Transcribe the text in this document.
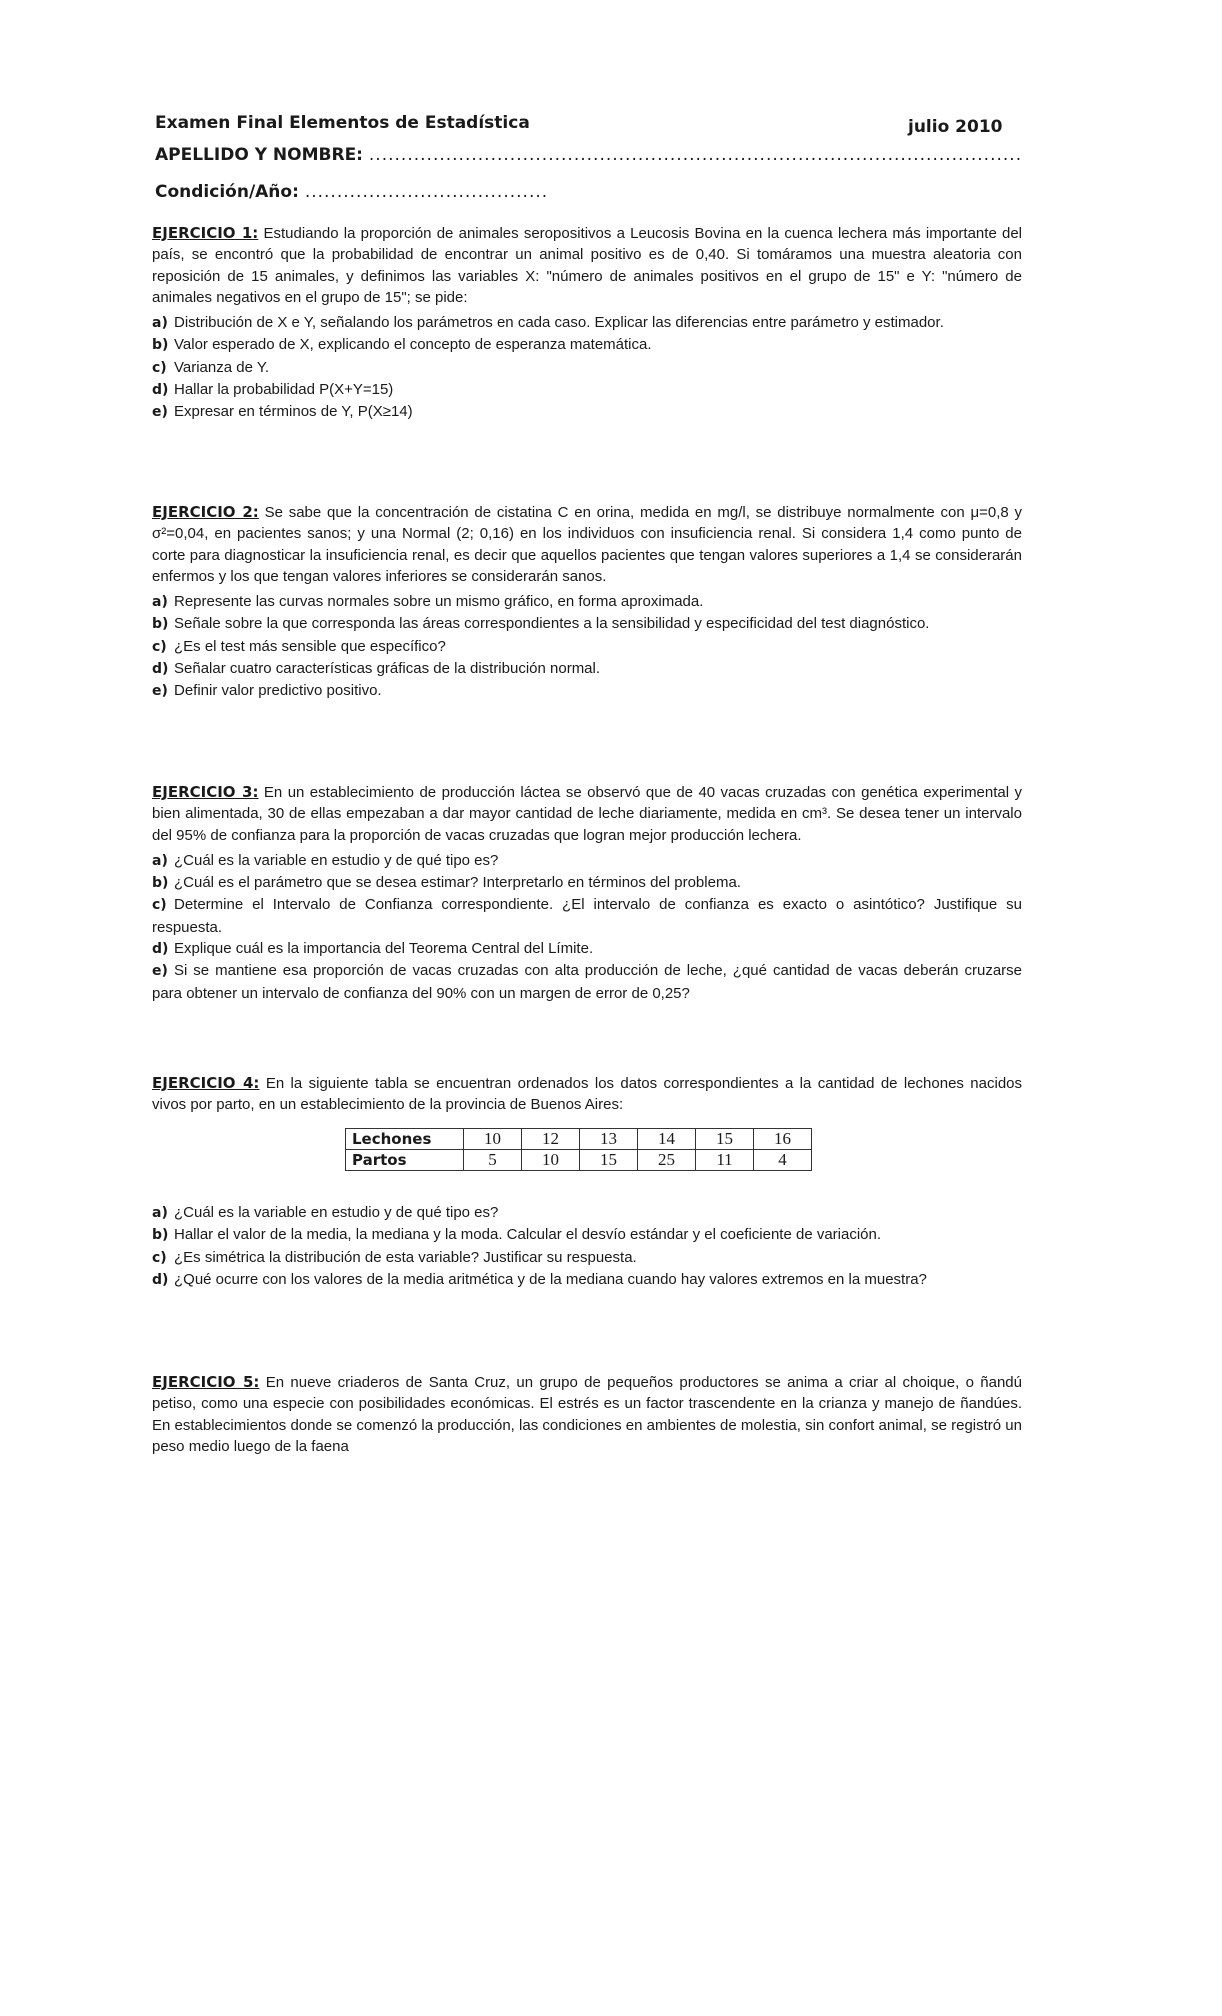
Examen Final Elementos de Estadística	julio 2010
APELLIDO Y NOMBRE: ......................................................................................................
Condición/Año: ......................................

EJERCICIO 1: Estudiando la proporción de animales seropositivos a Leucosis Bovina en la cuenca lechera más importante del país, se encontró que la probabilidad de encontrar un animal positivo es de 0,40. Si tomáramos una muestra aleatoria con reposición de 15 animales, y definimos las variables X: "número de animales positivos en el grupo de 15" e Y: "número de animales negativos en el grupo de 15"; se pide:

a) Distribución de X e Y, señalando los parámetros en cada caso. Explicar las diferencias entre parámetro y estimador.
b) Valor esperado de X, explicando el concepto de esperanza matemática.
c) Varianza de Y.
d) Hallar la probabilidad P(X+Y=15)
e) Expresar en términos de Y, P(X≥14)

EJERCICIO 2: Se sabe que la concentración de cistatina C en orina, medida en mg/l, se distribuye normalmente con μ=0,8 y σ²=0,04, en pacientes sanos; y una Normal (2; 0,16) en los individuos con insuficiencia renal. Si considera 1,4 como punto de corte para diagnosticar la insuficiencia renal, es decir que aquellos pacientes que tengan valores superiores a 1,4 se considerarán enfermos y los que tengan valores inferiores se considerarán sanos.

a) Represente las curvas normales sobre un mismo gráfico, en forma aproximada.
b) Señale sobre la que corresponda las áreas correspondientes a la sensibilidad y especificidad del test diagnóstico.
c) ¿Es el test más sensible que específico?
d) Señalar cuatro características gráficas de la distribución normal.
e) Definir valor predictivo positivo.

EJERCICIO 3: En un establecimiento de producción láctea se observó que de 40 vacas cruzadas con genética experimental y bien alimentada, 30 de ellas empezaban a dar mayor cantidad de leche diariamente, medida en cm³. Se desea tener un intervalo del 95% de confianza para la proporción de vacas cruzadas que logran mejor producción lechera.

a) ¿Cuál es la variable en estudio y de qué tipo es?
b) ¿Cuál es el parámetro que se desea estimar? Interpretarlo en términos del problema.
c) Determine el Intervalo de Confianza correspondiente. ¿El intervalo de confianza es exacto o asintótico? Justifique su respuesta.
d) Explique cuál es la importancia del Teorema Central del Límite.
e) Si se mantiene esa proporción de vacas cruzadas con alta producción de leche, ¿qué cantidad de vacas deberán cruzarse para obtener un intervalo de confianza del 90% con un margen de error de 0,25?

EJERCICIO 4: En la siguiente tabla se encuentran ordenados los datos correspondientes a la cantidad de lechones nacidos vivos por parto, en un establecimiento de la provincia de Buenos Aires:

Lechones	10	12	13	14	15	16
Partos	5	10	15	25	11	4
a) ¿Cuál es la variable en estudio y de qué tipo es?
b) Hallar el valor de la media, la mediana y la moda. Calcular el desvío estándar y el coeficiente de variación.
c) ¿Es simétrica la distribución de esta variable? Justificar su respuesta.
d) ¿Qué ocurre con los valores de la media aritmética y de la mediana cuando hay valores extremos en la muestra?

EJERCICIO 5: En nueve criaderos de Santa Cruz, un grupo de pequeños productores se anima a criar al choique, o ñandú petiso, como una especie con posibilidades económicas. El estrés es un factor trascendente en la crianza y manejo de ñandúes. En establecimientos donde se comenzó la producción, las condiciones en ambientes de molestia, sin confort animal, se registró un peso medio luego de la faena
